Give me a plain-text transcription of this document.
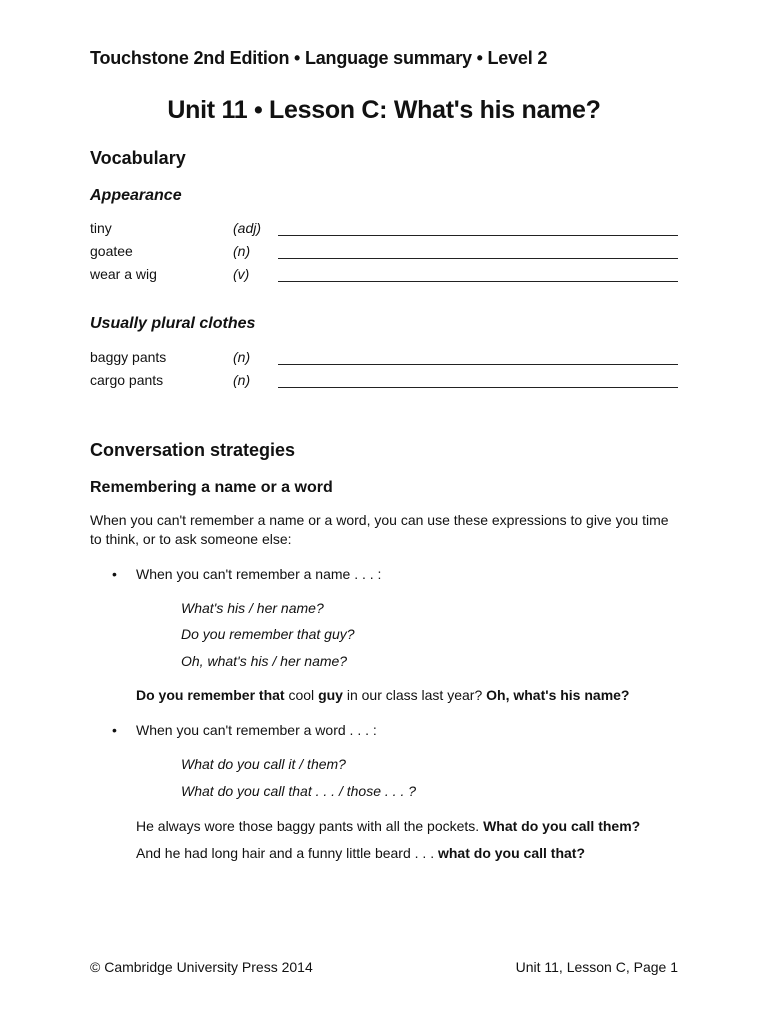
Touchstone 2nd Edition • Language summary • Level 2
Unit 11 • Lesson C: What's his name?
Vocabulary
Appearance
tiny	(adj)
goatee	(n)
wear a wig	(v)
Usually plural clothes
baggy pants	(n)
cargo pants	(n)
Conversation strategies
Remembering a name or a word
When you can't remember a name or a word, you can use these expressions to give you time to think, or to ask someone else:
• When you can't remember a name . . . :
What's his / her name?
Do you remember that guy?
Oh, what's his / her name?
Do you remember that cool guy in our class last year? Oh, what's his name?
• When you can't remember a word . . . :
What do you call it / them?
What do you call that . . . / those . . . ?
He always wore those baggy pants with all the pockets. What do you call them?
And he had long hair and a funny little beard . . . what do you call that?
© Cambridge University Press 2014	Unit 11, Lesson C, Page 1
